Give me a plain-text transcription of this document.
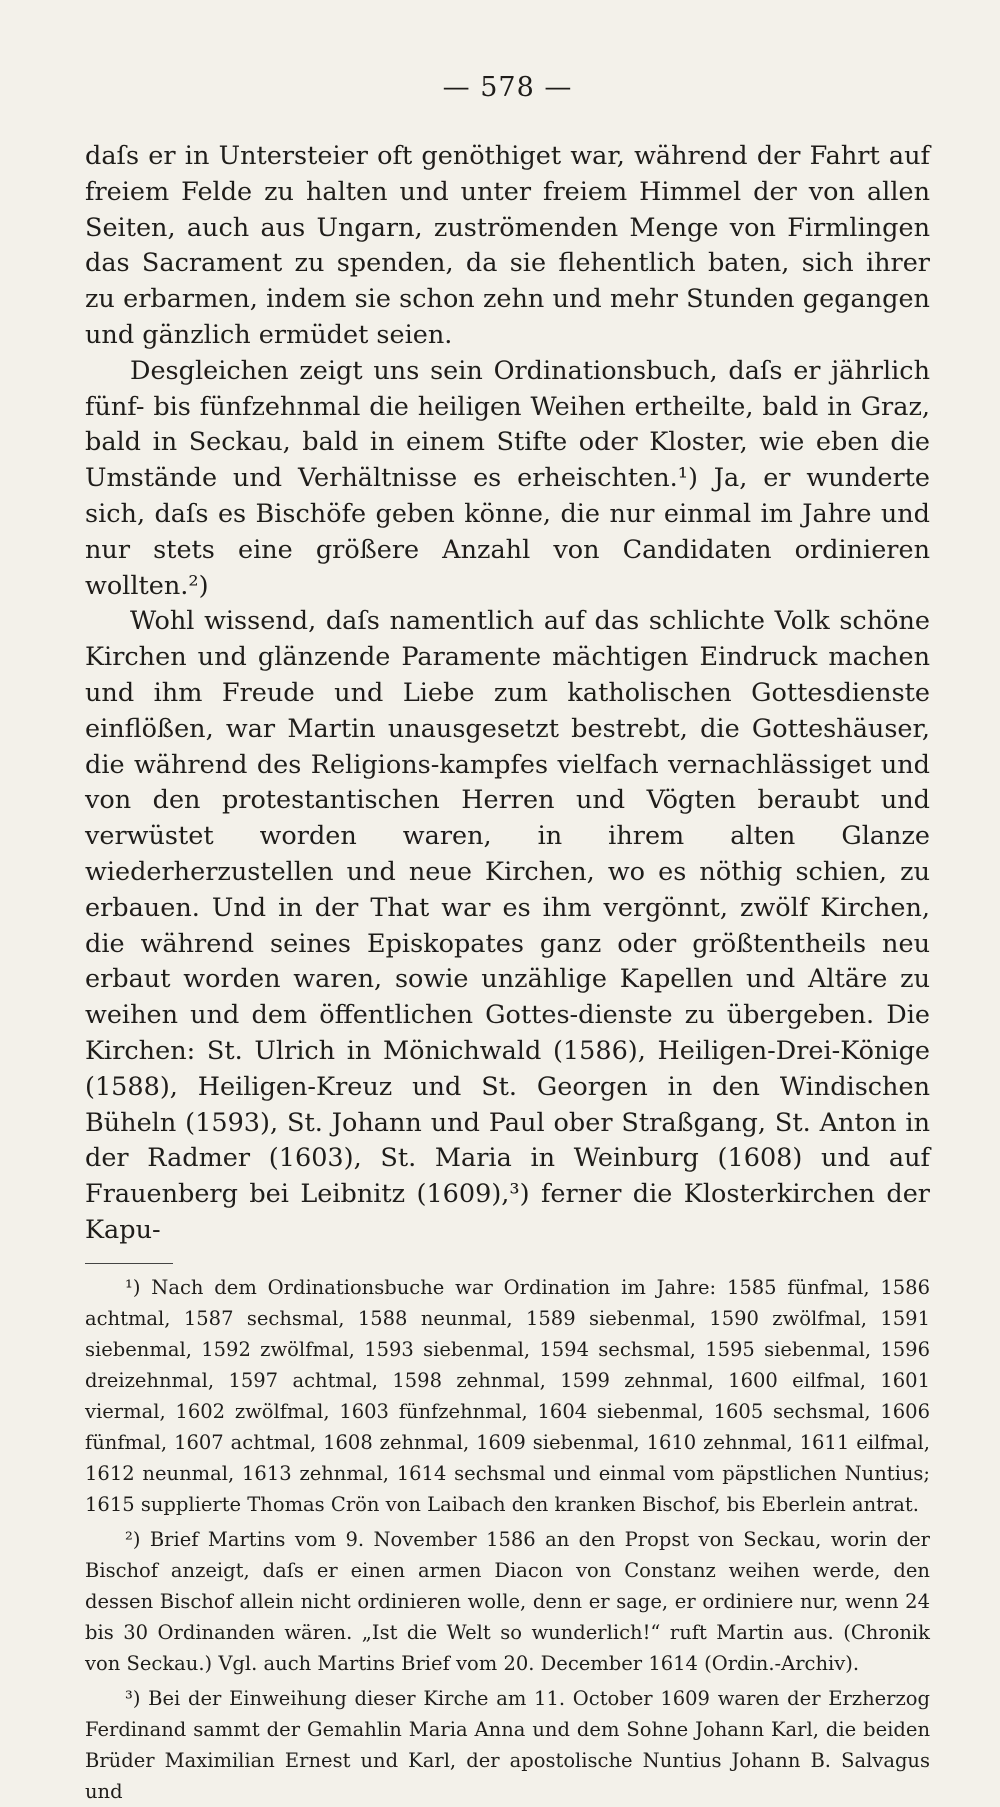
— 578 —

daſs er in Untersteier oft genöthiget war, während der Fahrt auf freiem Felde zu halten und unter freiem Himmel der von allen Seiten, auch aus Ungarn, zuströmenden Menge von Firmlingen das Sacrament zu spenden, da sie flehentlich baten, sich ihrer zu erbarmen, indem sie schon zehn und mehr Stunden gegangen und gänzlich ermüdet seien.

Desgleichen zeigt uns sein Ordinationsbuch, daſs er jährlich fünf- bis fünfzehnmal die heiligen Weihen ertheilte, bald in Graz, bald in Seckau, bald in einem Stifte oder Kloster, wie eben die Umstände und Verhältnisse es erheischten.¹) Ja, er wunderte sich, daſs es Bischöfe geben könne, die nur einmal im Jahre und nur stets eine größere Anzahl von Candidaten ordinieren wollten.²)

Wohl wissend, daſs namentlich auf das schlichte Volk schöne Kirchen und glänzende Paramente mächtigen Eindruck machen und ihm Freude und Liebe zum katholischen Gottesdienste einflößen, war Martin unausgesetzt bestrebt, die Gotteshäuser, die während des Religions-kampfes vielfach vernachlässiget und von den protestantischen Herren und Vögten beraubt und verwüstet worden waren, in ihrem alten Glanze wiederherzustellen und neue Kirchen, wo es nöthig schien, zu erbauen. Und in der That war es ihm vergönnt, zwölf Kirchen, die während seines Episkopates ganz oder größtentheils neu erbaut worden waren, sowie unzählige Kapellen und Altäre zu weihen und dem öffentlichen Gottes-dienste zu übergeben. Die Kirchen: St. Ulrich in Mönichwald (1586), Heiligen-Drei-Könige (1588), Heiligen-Kreuz und St. Georgen in den Windischen Büheln (1593), St. Johann und Paul ober Straßgang, St. Anton in der Radmer (1603), St. Maria in Weinburg (1608) und auf Frauenberg bei Leibnitz (1609),³) ferner die Klosterkirchen der Kapu-

¹) Nach dem Ordinationsbuche war Ordination im Jahre: 1585 fünfmal, 1586 achtmal, 1587 sechsmal, 1588 neunmal, 1589 siebenmal, 1590 zwölfmal, 1591 siebenmal, 1592 zwölfmal, 1593 siebenmal, 1594 sechsmal, 1595 siebenmal, 1596 dreizehnmal, 1597 achtmal, 1598 zehnmal, 1599 zehnmal, 1600 eilfmal, 1601 viermal, 1602 zwölfmal, 1603 fünfzehnmal, 1604 siebenmal, 1605 sechsmal, 1606 fünfmal, 1607 achtmal, 1608 zehnmal, 1609 siebenmal, 1610 zehnmal, 1611 eilfmal, 1612 neunmal, 1613 zehnmal, 1614 sechsmal und einmal vom päpstlichen Nuntius; 1615 supplierte Thomas Crön von Laibach den kranken Bischof, bis Eberlein antrat.

²) Brief Martins vom 9. November 1586 an den Propst von Seckau, worin der Bischof anzeigt, daſs er einen armen Diacon von Constanz weihen werde, den dessen Bischof allein nicht ordinieren wolle, denn er sage, er ordiniere nur, wenn 24 bis 30 Ordinanden wären. „Ist die Welt so wunderlich!“ ruft Martin aus. (Chronik von Seckau.) Vgl. auch Martins Brief vom 20. December 1614 (Ordin.-Archiv).

³) Bei der Einweihung dieser Kirche am 11. October 1609 waren der Erzherzog Ferdinand sammt der Gemahlin Maria Anna und dem Sohne Johann Karl, die beiden Brüder Maximilian Ernest und Karl, der apostolische Nuntius Johann B. Salvagus und
